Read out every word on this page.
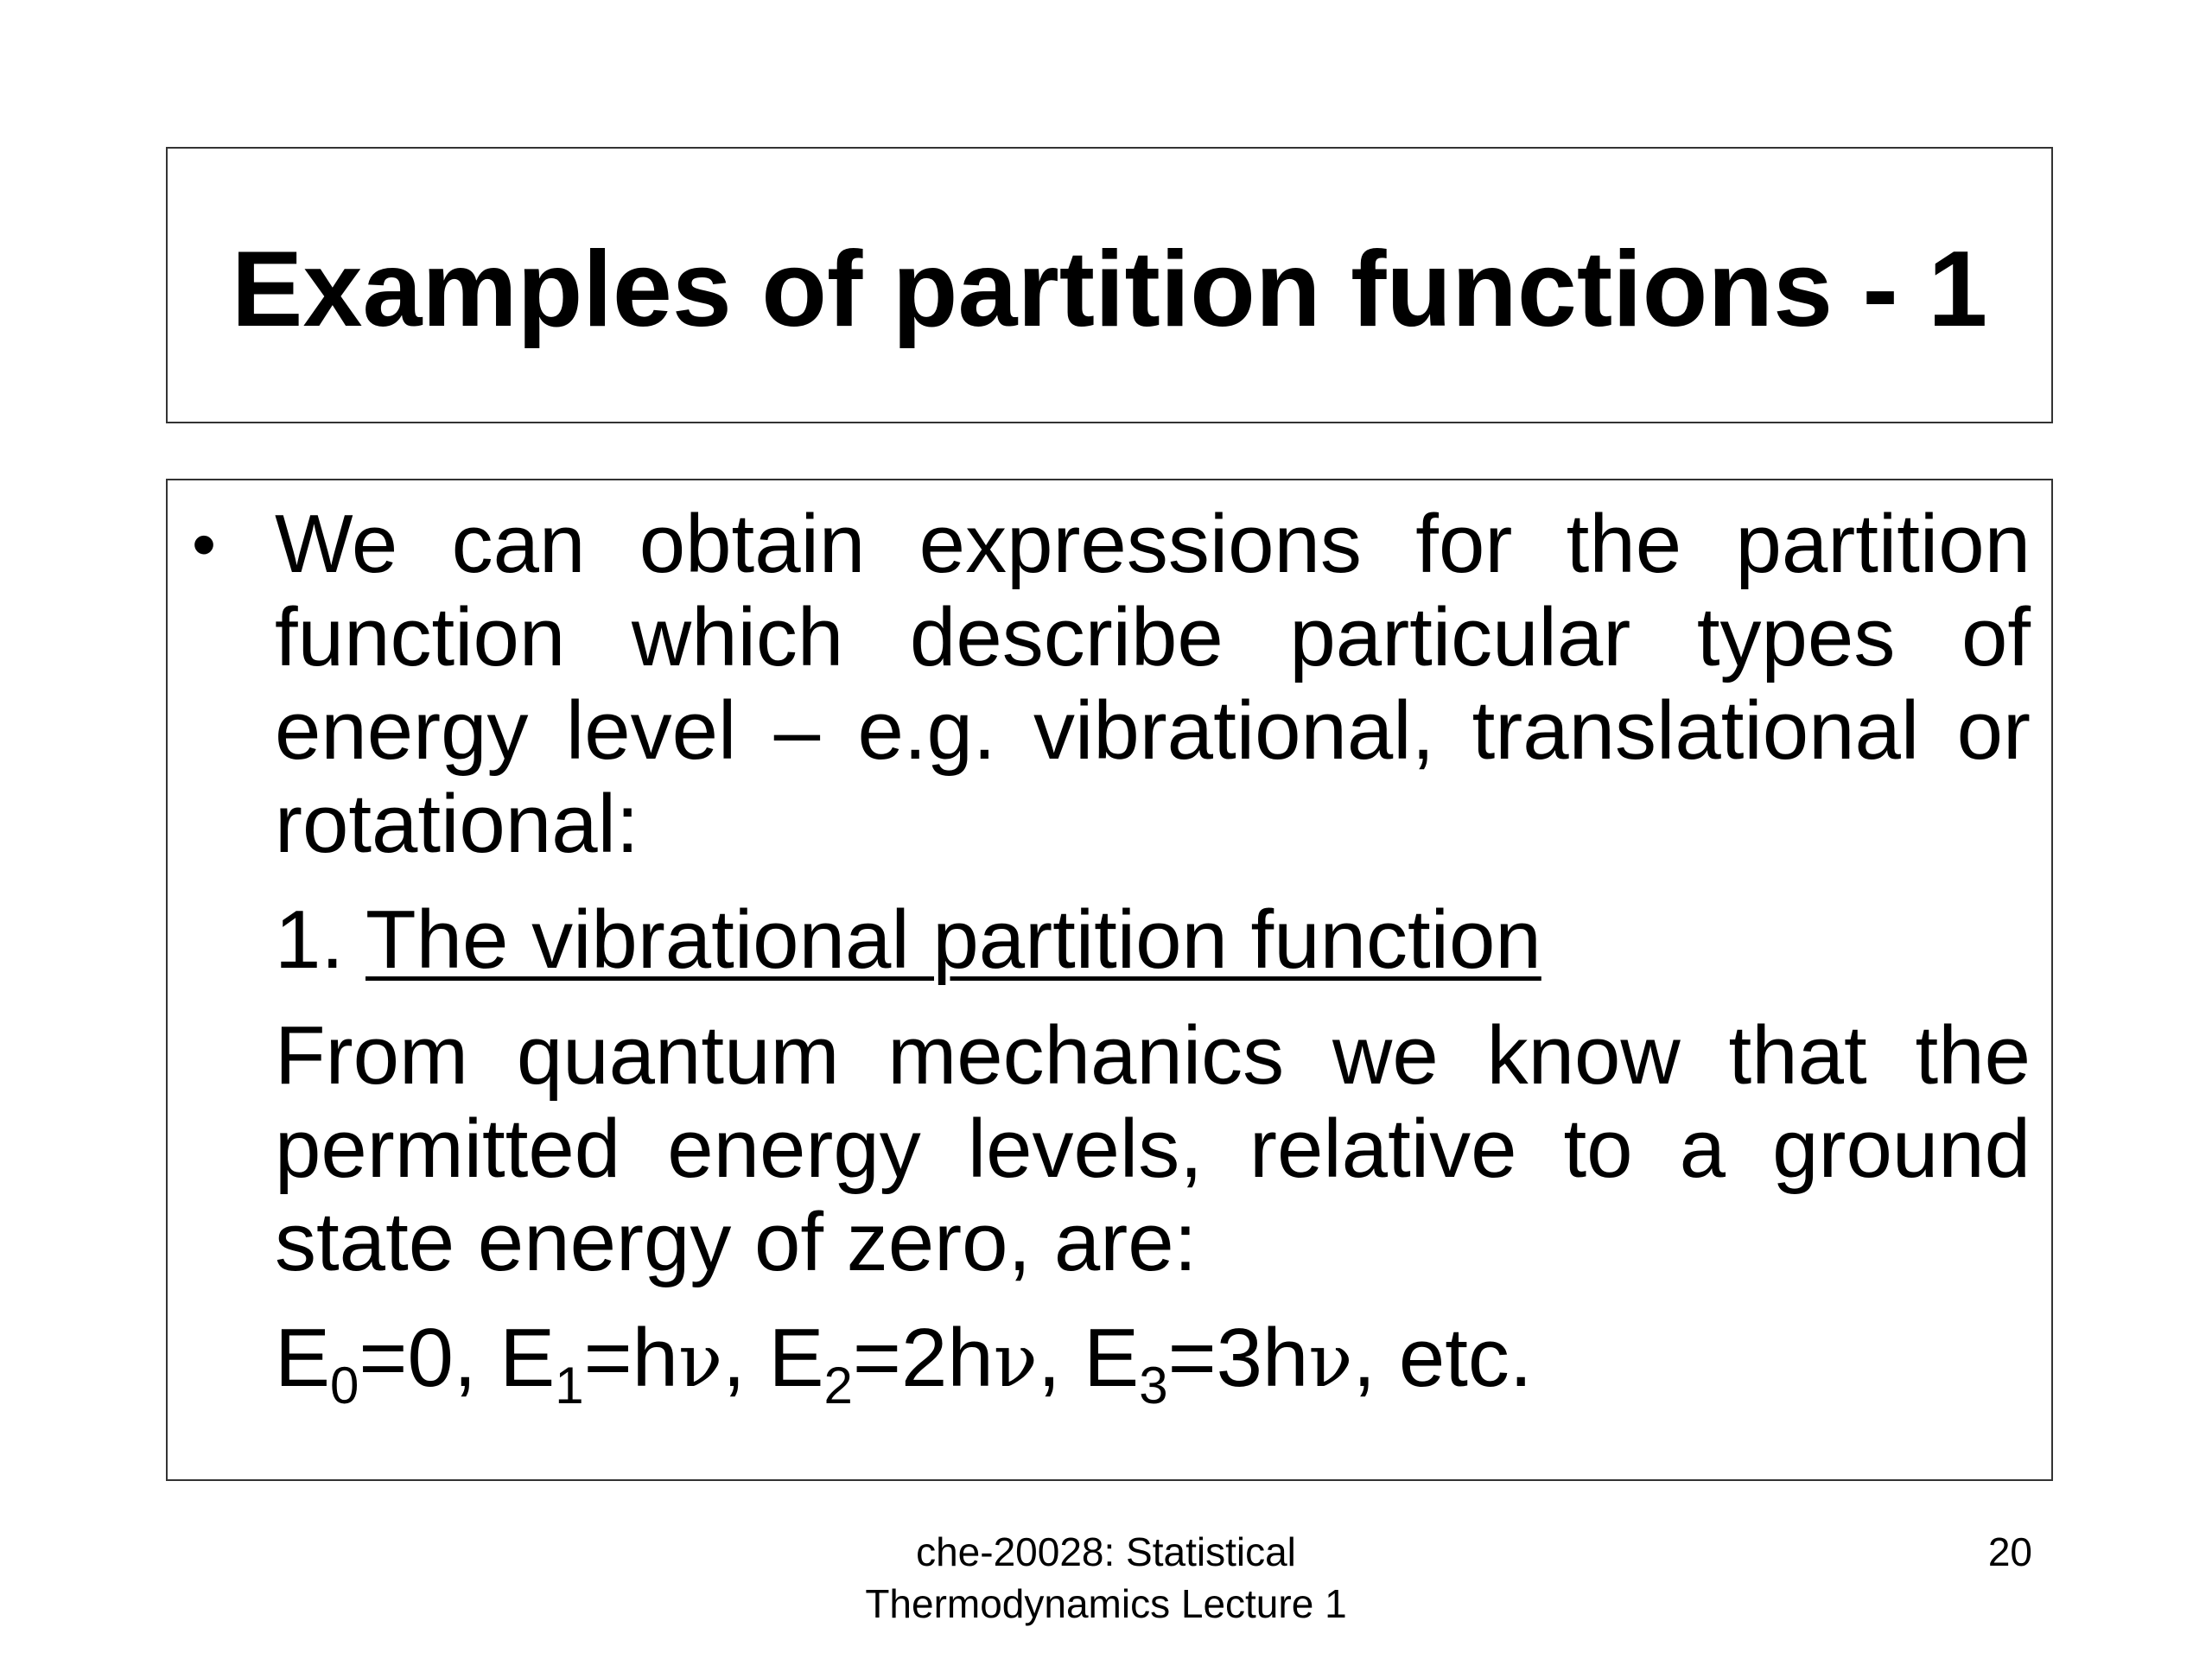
Examples of partition functions - 1
• We can obtain expressions for the partition function which describe particular types of energy level – e.g. vibrational, translational or rotational:

1. The vibrational partition function

From quantum mechanics we know that the permitted energy levels, relative to a ground state energy of zero, are:

$E_0=0$, $E_1=h\nu$, $E_2=2h\nu$, $E_3=3h\nu$, etc.

che-20028: Statistical
Thermodynamics Lecture 1
20
